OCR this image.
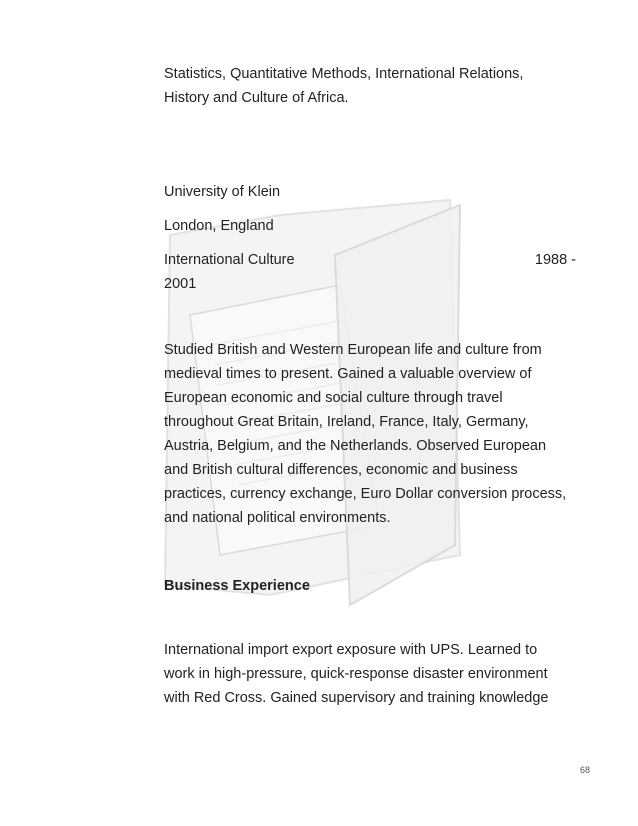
Statistics, Quantitative Methods, International Relations,

History and Culture of Africa.

University of Klein

London, England

International Culture	1988 -

2001

Studied British and Western European life and culture from

medieval times to present. Gained a valuable overview of

European economic and social culture through travel

throughout Great Britain, Ireland, France, Italy, Germany,

Austria, Belgium, and the Netherlands. Observed European

and British cultural differences, economic and business

practices, currency exchange, Euro Dollar conversion process,

and national political environments.

Business Experience

International import export exposure with UPS. Learned to

work in high-pressure, quick-response disaster environment

with Red Cross. Gained supervisory and training knowledge

68
